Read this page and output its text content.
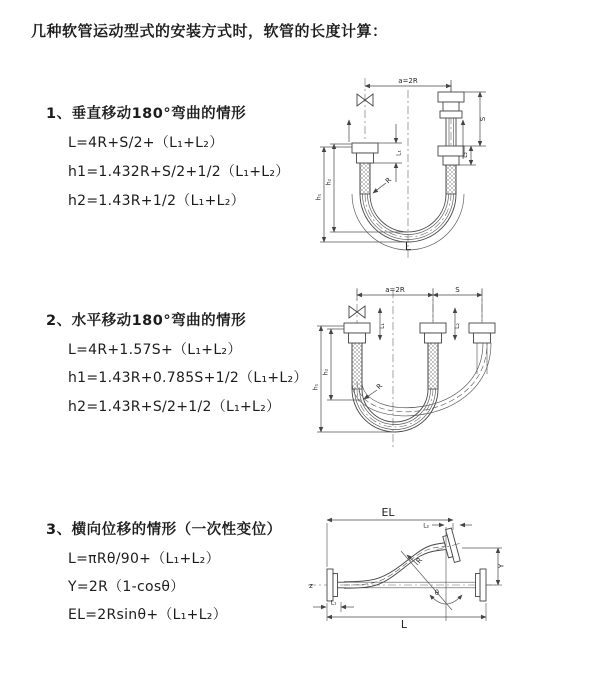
几种软管运动型式的安装方式时，软管的长度计算：
1、垂直移动180°弯曲的情形
L=4R+S/2+（L₁+L₂）
h1=1.432R+S/2+1/2（L₁+L₂）
h2=1.43R+1/2（L₁+L₂）
2、水平移动180°弯曲的情形
L=4R+1.57S+（L₁+L₂）
h1=1.43R+0.785S+1/2（L₁+L₂）
h2=1.43R+S/2+1/2（L₁+L₂）
3、横向位移的情形（一次性变位）
L=πRθ/90+（L₁+L₂）
Y=2R（1-cosθ）
EL=2Rsinθ+（L₁+L₂）
a=2R
L₁
S
L₂
h₁
h₂	R
L
a=2R	S
L₁	L₂
h₁
h₂
R
EL
L₂
Y
R
θ
L
L₁
z
